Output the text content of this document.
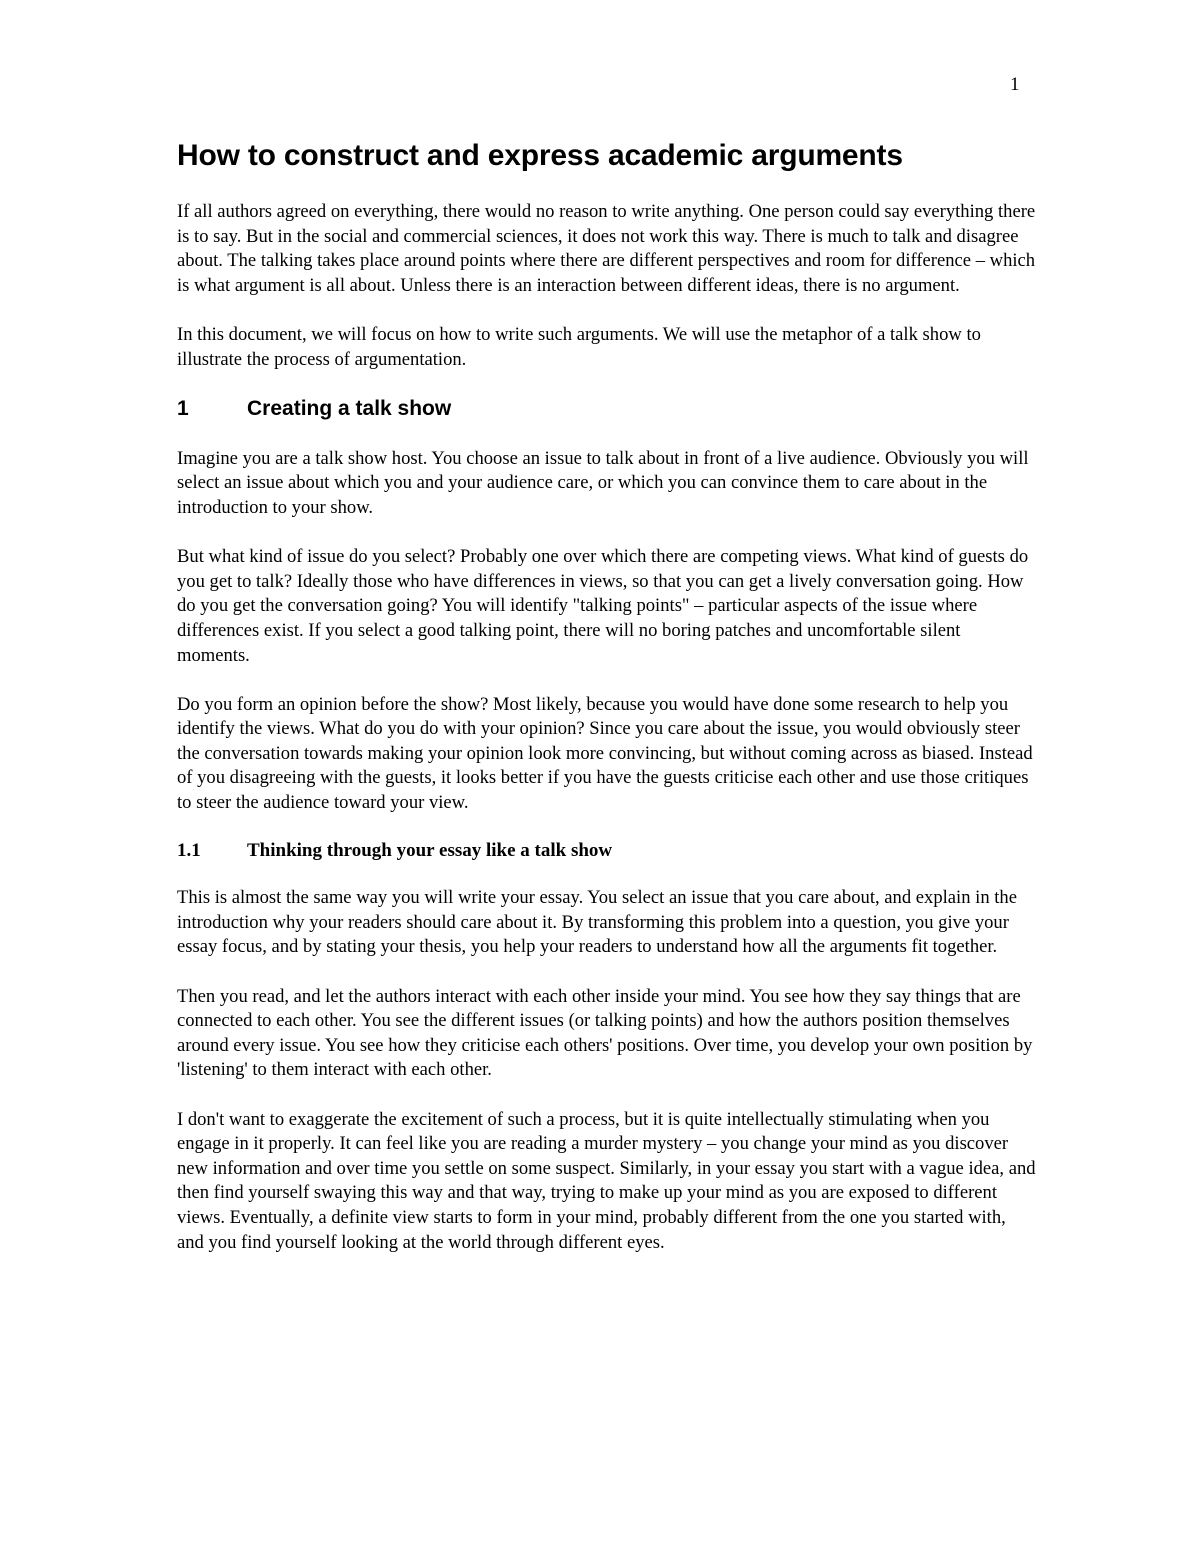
1
How to construct and express academic arguments

If all authors agreed on everything, there would no reason to write anything. One person could say everything there is to say. But in the social and commercial sciences, it does not work this way. There is much to talk and disagree about. The talking takes place around points where there are different perspectives and room for difference – which is what argument is all about. Unless there is an interaction between different ideas, there is no argument.

In this document, we will focus on how to write such arguments. We will use the metaphor of a talk show to illustrate the process of argumentation.

1	Creating a talk show

Imagine you are a talk show host. You choose an issue to talk about in front of a live audience. Obviously you will select an issue about which you and your audience care, or which you can convince them to care about in the introduction to your show.

But what kind of issue do you select? Probably one over which there are competing views. What kind of guests do you get to talk? Ideally those who have differences in views, so that you can get a lively conversation going. How do you get the conversation going? You will identify "talking points" – particular aspects of the issue where differences exist. If you select a good talking point, there will no boring patches and uncomfortable silent moments.

Do you form an opinion before the show? Most likely, because you would have done some research to help you identify the views. What do you do with your opinion? Since you care about the issue, you would obviously steer the conversation towards making your opinion look more convincing, but without coming across as biased. Instead of you disagreeing with the guests, it looks better if you have the guests criticise each other and use those critiques to steer the audience toward your view.

1.1	Thinking through your essay like a talk show

This is almost the same way you will write your essay. You select an issue that you care about, and explain in the introduction why your readers should care about it. By transforming this problem into a question, you give your essay focus, and by stating your thesis, you help your readers to understand how all the arguments fit together.

Then you read, and let the authors interact with each other inside your mind. You see how they say things that are connected to each other. You see the different issues (or talking points) and how the authors position themselves around every issue. You see how they criticise each others' positions. Over time, you develop your own position by 'listening' to them interact with each other.

I don't want to exaggerate the excitement of such a process, but it is quite intellectually stimulating when you engage in it properly. It can feel like you are reading a murder mystery – you change your mind as you discover new information and over time you settle on some suspect. Similarly, in your essay you start with a vague idea, and then find yourself swaying this way and that way, trying to make up your mind as you are exposed to different views. Eventually, a definite view starts to form in your mind, probably different from the one you started with, and you find yourself looking at the world through different eyes.
